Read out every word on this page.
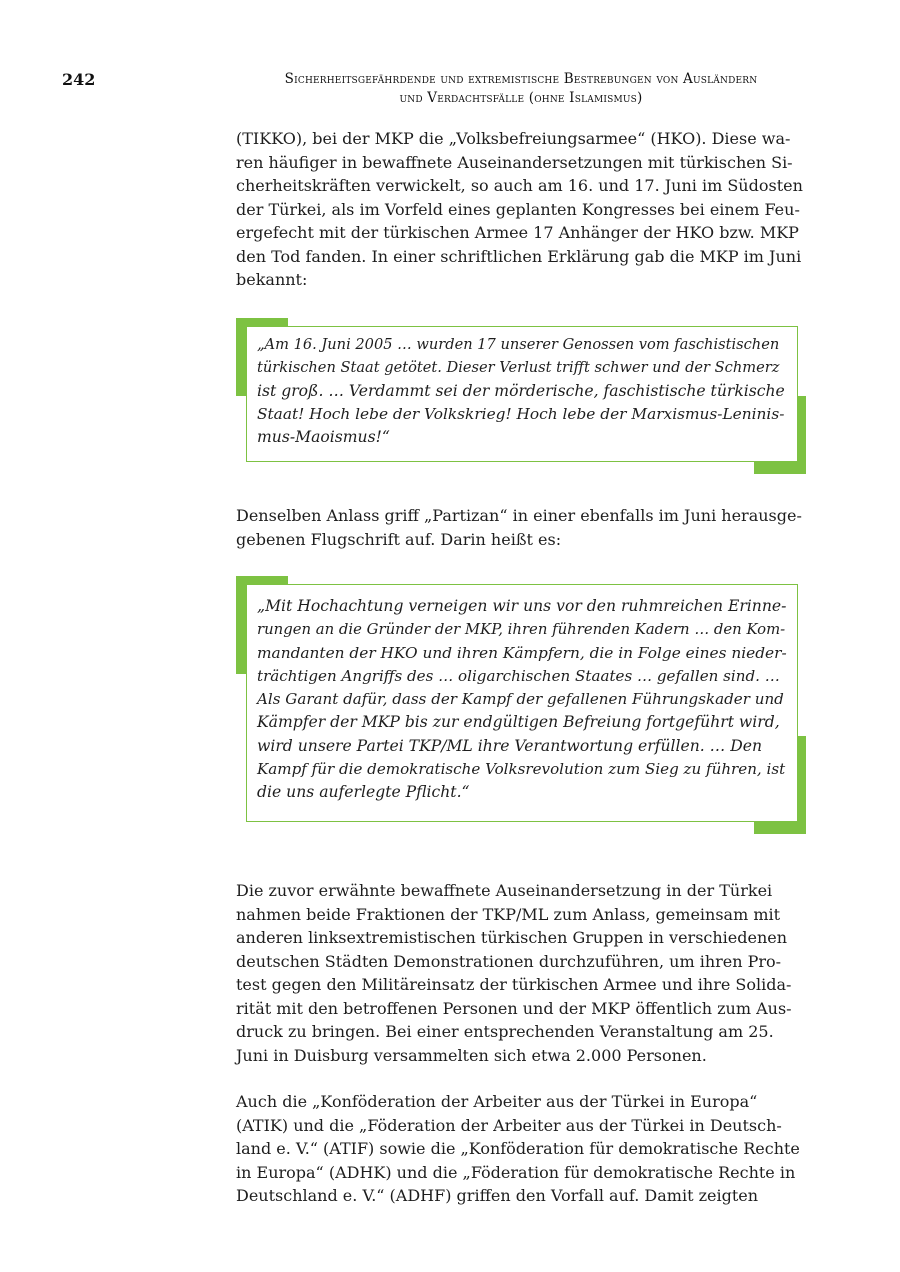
242	Sicherheitsgefährdende und extremistische Bestrebungen von Ausländern
und Verdachtsfälle (ohne Islamismus)

(TIKKO), bei der MKP die „Volksbefreiungsarmee“ (HKO). Diese wa-
ren häufiger in bewaffnete Auseinandersetzungen mit türkischen Si-
cherheitskräften verwickelt, so auch am 16. und 17. Juni im Südosten
der Türkei, als im Vorfeld eines geplanten Kongresses bei einem Feu-
ergefecht mit der türkischen Armee 17 Anhänger der HKO bzw. MKP
den Tod fanden. In einer schriftlichen Erklärung gab die MKP im Juni
bekannt:

„Am 16. Juni 2005 … wurden 17 unserer Genossen vom faschistischen
türkischen Staat getötet. Dieser Verlust trifft schwer und der Schmerz
ist groß. … Verdammt sei der mörderische, faschistische türkische
Staat! Hoch lebe der Volkskrieg! Hoch lebe der Marxismus-Leninis-
mus-Maoismus!“

Denselben Anlass griff „Partizan“ in einer ebenfalls im Juni herausge-
gebenen Flugschrift auf. Darin heißt es:

„Mit Hochachtung verneigen wir uns vor den ruhmreichen Erinne-
rungen an die Gründer der MKP, ihren führenden Kadern … den Kom-
mandanten der HKO und ihren Kämpfern, die in Folge eines nieder-
trächtigen Angriffs des … oligarchischen Staates … gefallen sind. …
Als Garant dafür, dass der Kampf der gefallenen Führungskader und
Kämpfer der MKP bis zur endgültigen Befreiung fortgeführt wird,
wird unsere Partei TKP/ML ihre Verantwortung erfüllen. … Den
Kampf für die demokratische Volksrevolution zum Sieg zu führen, ist
die uns auferlegte Pflicht.“

Die zuvor erwähnte bewaffnete Auseinandersetzung in der Türkei
nahmen beide Fraktionen der TKP/ML zum Anlass, gemeinsam mit
anderen linksextremistischen türkischen Gruppen in verschiedenen
deutschen Städten Demonstrationen durchzuführen, um ihren Pro-
test gegen den Militäreinsatz der türkischen Armee und ihre Solida-
rität mit den betroffenen Personen und der MKP öffentlich zum Aus-
druck zu bringen. Bei einer entsprechenden Veranstaltung am 25.
Juni in Duisburg versammelten sich etwa 2.000 Personen.

Auch die „Konföderation der Arbeiter aus der Türkei in Europa“
(ATIK) und die „Föderation der Arbeiter aus der Türkei in Deutsch-
land e. V.“ (ATIF) sowie die „Konföderation für demokratische Rechte
in Europa“ (ADHK) und die „Föderation für demokratische Rechte in
Deutschland e. V.“ (ADHF) griffen den Vorfall auf. Damit zeigten
